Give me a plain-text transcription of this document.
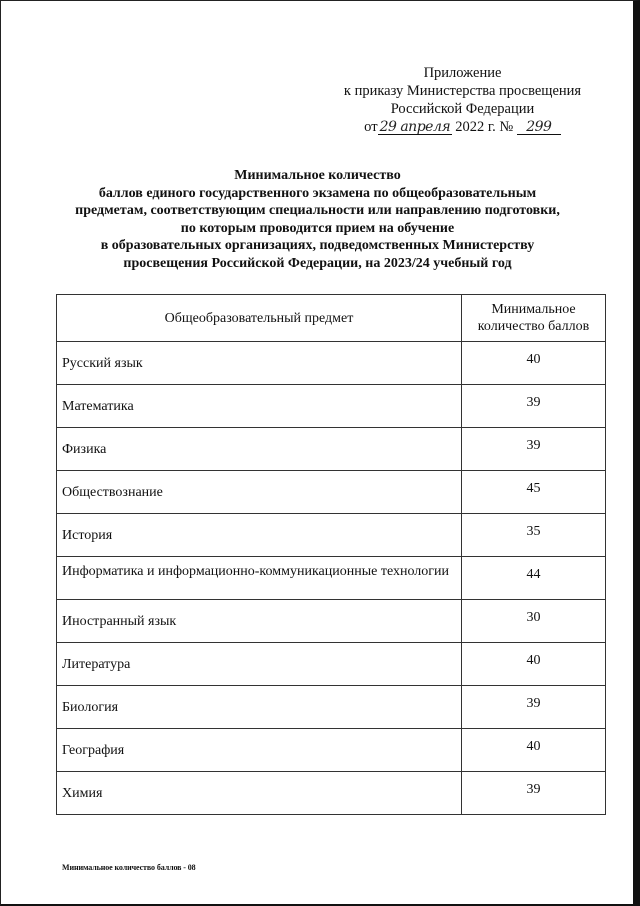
Приложение
к приказу Министерства просвещения
Российской Федерации
от 29 апреля 2022 г. № 299
Минимальное количество
баллов единого государственного экзамена по общеобразовательным
предметам, соответствующим специальности или направлению подготовки,
по которым проводится прием на обучение
в образовательных организациях, подведомственных Министерству
просвещения Российской Федерации, на 2023/24 учебный год
Общеобразовательный предмет	Минимальное
количество баллов
Русский язык	40
Математика	39
Физика	39
Обществознание	45
История	35
Информатика и информационно-коммуникационные технологии	44
Иностранный язык	30
Литература	40
Биология	39
География	40
Химия	39
Минимальное количество баллов - 08
